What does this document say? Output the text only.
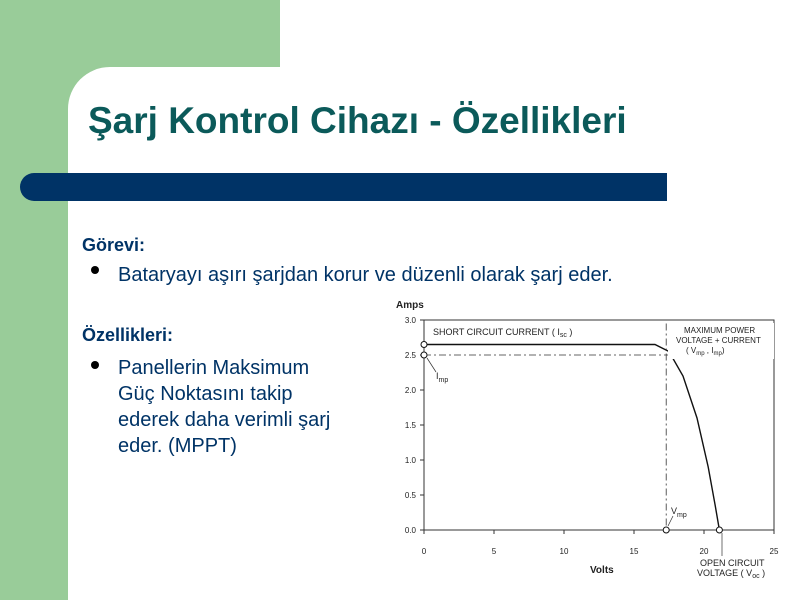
Şarj Kontrol Cihazı - Özellikleri
Görevi:
Bataryayı aşırı şarjdan korur ve düzenli olarak şarj eder.
Özellikleri:
Panellerin Maksimum
Güç Noktasını takip
ederek daha verimli şarj
eder. (MPPT)
0.0
0.5
1.0
1.5
2.0
2.5
3.0
0	5	10	15	20	25
Amps
Volts
SHORT CIRCUIT CURRENT ( $I_{sc}$ )	MAXIMUM POWER
VOLTAGE + CURRENT
( $V_{mp}$ , $I_{mp}$)
$I_{mp}$
$V_{mp}$
OPEN CIRCUIT
VOLTAGE ( $V_{oc}$ )
